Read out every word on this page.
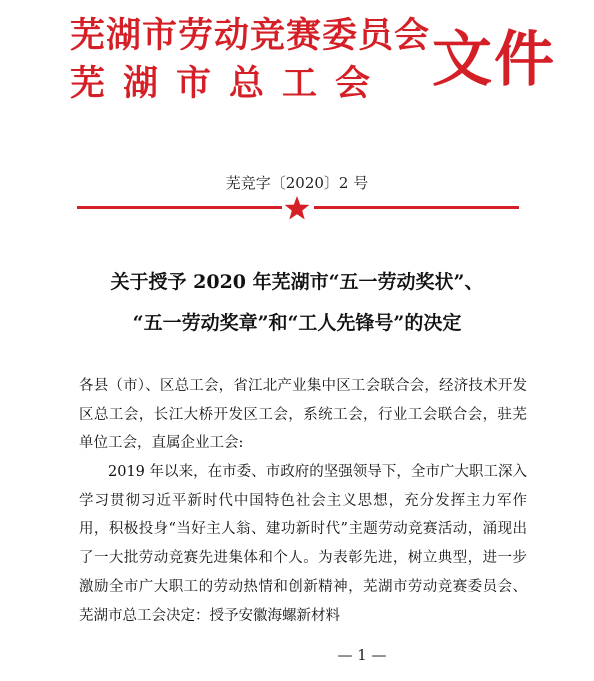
芜湖市劳动竞赛委员会
芜湖市总工会 文件
芜竞字〔2020〕2 号
关于授予 2020 年芜湖市“五一劳动奖状”、
“五一劳动奖章”和“工人先锋号”的决定
各县（市）、区总工会，省江北产业集中区工会联合会，经济技术开发区总工会，长江大桥开发区工会，系统工会，行业工会联合会，驻芜单位工会，直属企业工会:
2019 年以来，在市委、市政府的坚强领导下，全市广大职工深入学习贯彻习近平新时代中国特色社会主义思想，充分发挥主力军作用，积极投身“当好主人翁、建功新时代”主题劳动竞赛活动，涌现出了一大批劳动竞赛先进集体和个人。为表彰先进，树立典型，进一步激励全市广大职工的劳动热情和创新精神，芜湖市劳动竞赛委员会、芜湖市总工会决定：授予安徽海螺新材料
— 1 —
